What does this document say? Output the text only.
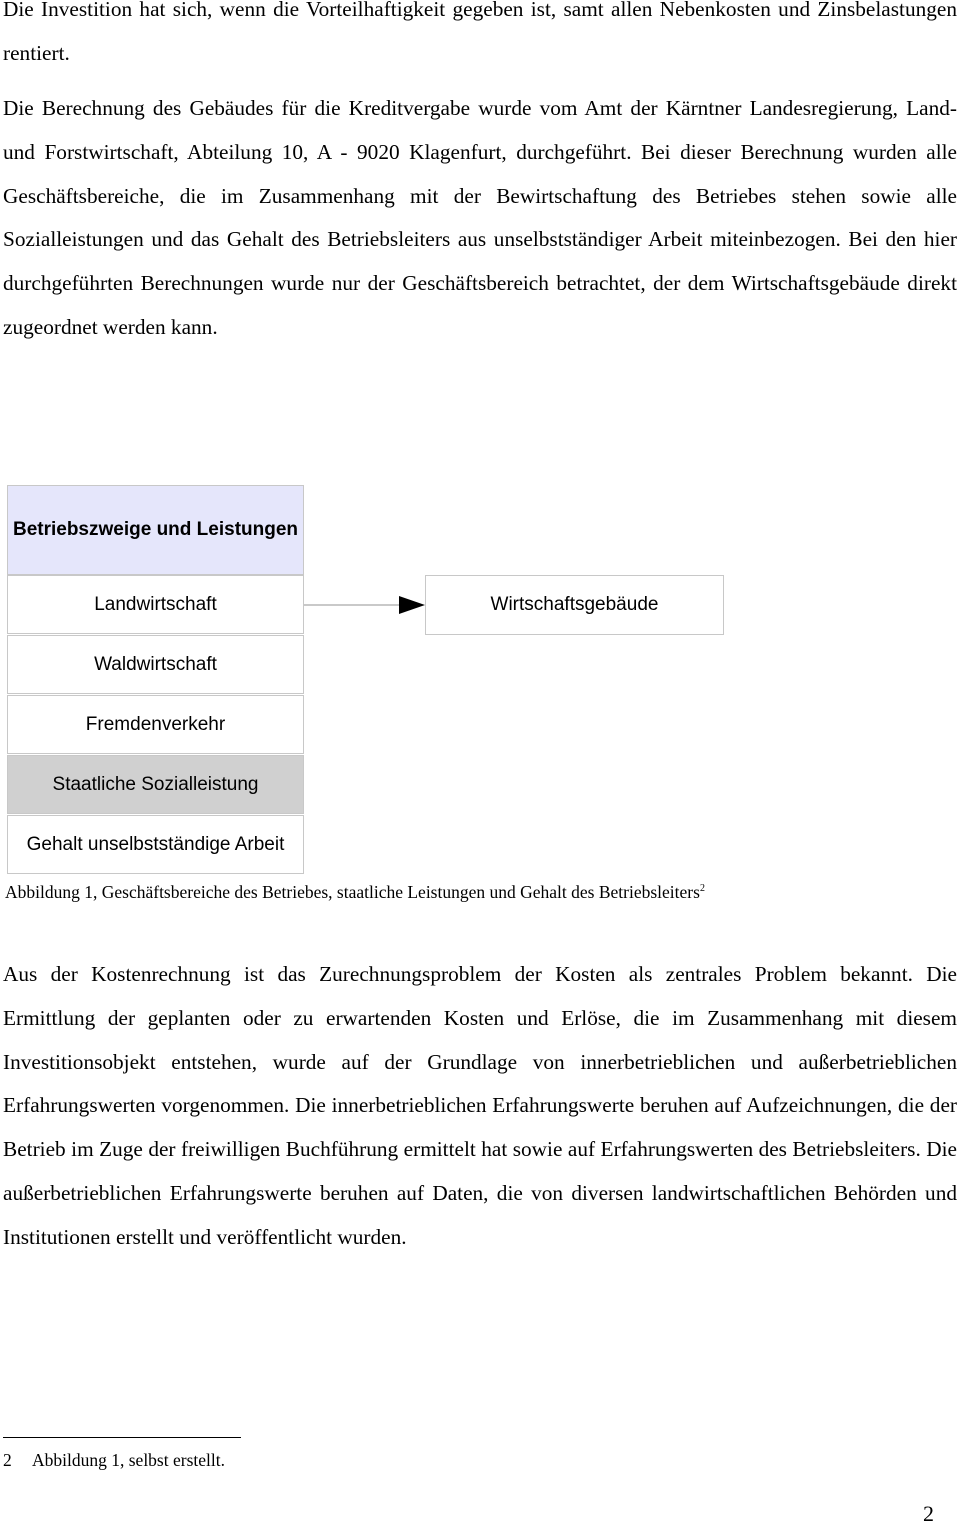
Die Investition hat sich, wenn die Vorteilhaftigkeit gegeben ist, samt allen Nebenkosten und Zinsbelastungen rentiert.

Die Berechnung des Gebäudes für die Kreditvergabe wurde vom Amt der Kärntner Landesregierung, Land- und Forstwirtschaft, Abteilung 10, A - 9020 Klagenfurt, durchgeführt. Bei dieser Berechnung wurden alle Geschäftsbereiche, die im Zusammenhang mit der Bewirtschaftung des Betriebes stehen sowie alle Sozialleistungen und das Gehalt des Betriebsleiters aus unselbstständiger Arbeit miteinbezogen. Bei den hier durchgeführten Berechnungen wurde nur der Geschäftsbereich betrachtet, der dem Wirtschaftsgebäude direkt zugeordnet werden kann.

Betriebszweige und Leistungen
Landwirtschaft
Waldwirtschaft
Fremdenverkehr
Staatliche Sozialleistung
Gehalt unselbstständige Arbeit
Wirtschaftsgebäude

Abbildung 1, Geschäftsbereiche des Betriebes, staatliche Leistungen und Gehalt des Betriebsleiters$^2$

Aus der Kostenrechnung ist das Zurechnungsproblem der Kosten als zentrales Problem bekannt. Die Ermittlung der geplanten oder zu erwartenden Kosten und Erlöse, die im Zusammenhang mit diesem Investitionsobjekt entstehen, wurde auf der Grundlage von innerbetrieblichen und außerbetrieblichen Erfahrungswerten vorgenommen. Die innerbetrieblichen Erfahrungswerte beruhen auf Aufzeichnungen, die der Betrieb im Zuge der freiwilligen Buchführung ermittelt hat sowie auf Erfahrungswerten des Betriebsleiters. Die außerbetrieblichen Erfahrungswerte beruhen auf Daten, die von diversen landwirtschaftlichen Behörden und Institutionen erstellt und veröffentlicht wurden.

2 Abbildung 1, selbst erstellt.

2
